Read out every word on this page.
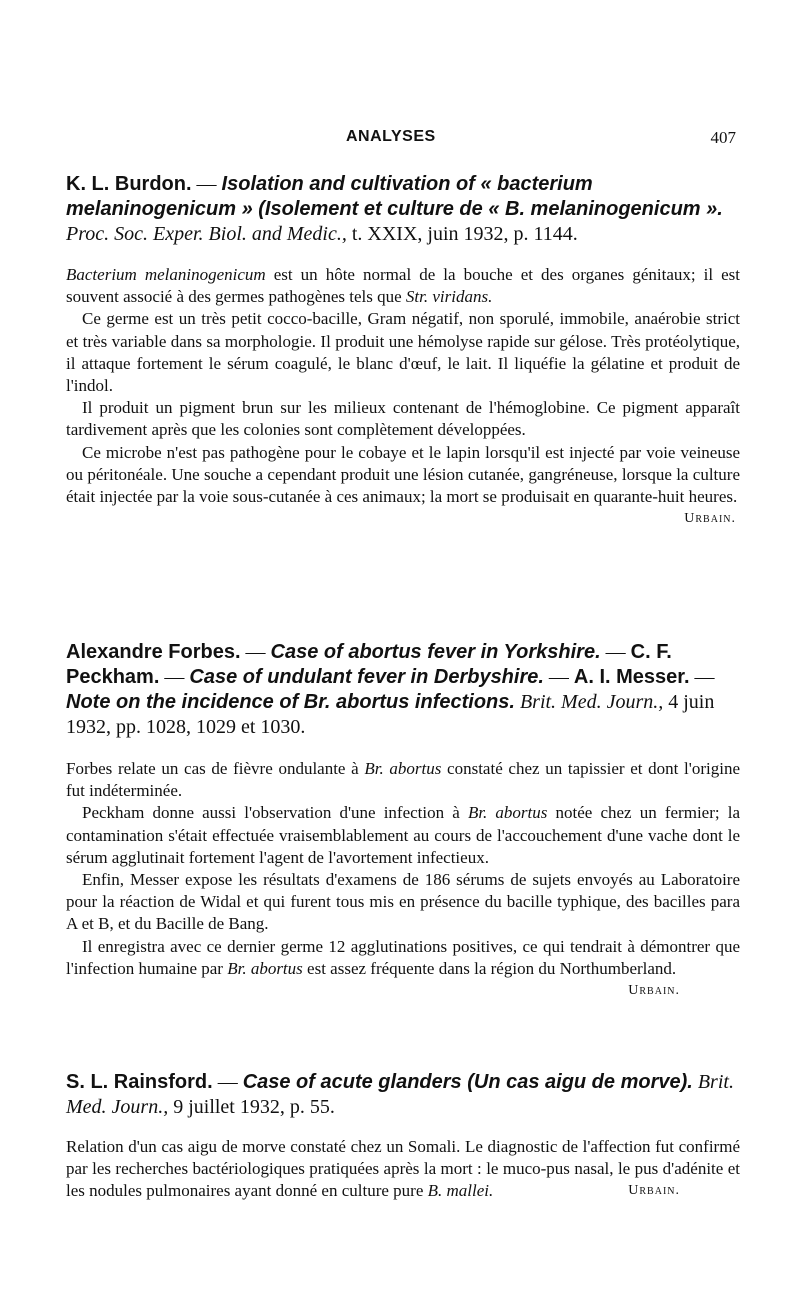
ANALYSES	407
K. L. Burdon. — Isolation and cultivation of « bacterium melaninogenicum » (Isolement et culture de « B. melaninogenicum ». Proc. Soc. Exper. Biol. and Medic., t. XXIX, juin 1932, p. 1144.

Bacterium melaninogenicum est un hôte normal de la bouche et des organes génitaux; il est souvent associé à des germes pathogènes tels que Str. viridans.

Ce germe est un très petit cocco-bacille, Gram négatif, non sporulé, immobile, anaérobie strict et très variable dans sa morphologie. Il produit une hémolyse rapide sur gélose. Très protéolytique, il attaque fortement le sérum coagulé, le blanc d'œuf, le lait. Il liquéfie la gélatine et produit de l'indol.

Il produit un pigment brun sur les milieux contenant de l'hémoglobine. Ce pigment apparaît tardivement après que les colonies sont complètement développées.

Ce microbe n'est pas pathogène pour le cobaye et le lapin lorsqu'il est injecté par voie veineuse ou péritonéale. Une souche a cependant produit une lésion cutanée, gangréneuse, lorsque la culture était injectée par la voie sous-cutanée à ces animaux; la mort se produisait en quarante-huit heures.

Urbain.
Alexandre Forbes. — Case of abortus fever in Yorkshire. — C. F. Peckham. — Case of undulant fever in Derbyshire. — A. I. Messer. — Note on the incidence of Br. abortus infections. Brit. Med. Journ., 4 juin 1932, pp. 1028, 1029 et 1030.

Forbes relate un cas de fièvre ondulante à Br. abortus constaté chez un tapissier et dont l'origine fut indéterminée.

Peckham donne aussi l'observation d'une infection à Br. abortus notée chez un fermier; la contamination s'était effectuée vraisemblablement au cours de l'accouchement d'une vache dont le sérum agglutinait fortement l'agent de l'avortement infectieux.

Enfin, Messer expose les résultats d'examens de 186 sérums de sujets envoyés au Laboratoire pour la réaction de Widal et qui furent tous mis en présence du bacille typhique, des bacilles para A et B, et du Bacille de Bang.

Il enregistra avec ce dernier germe 12 agglutinations positives, ce qui tendrait à démontrer que l'infection humaine par Br. abortus est assez fréquente dans la région du Northumberland.
Urbain.

S. L. Rainsford. — Case of acute glanders (Un cas aigu de morve). Brit. Med. Journ., 9 juillet 1932, p. 55.

Relation d'un cas aigu de morve constaté chez un Somali. Le diagnostic de l'affection fut confirmé par les recherches bactériologiques pratiquées après la mort : le muco-pus nasal, le pus d'adénite et les nodules pulmonaires ayant donné en culture pure B. mallei.	Urbain.
